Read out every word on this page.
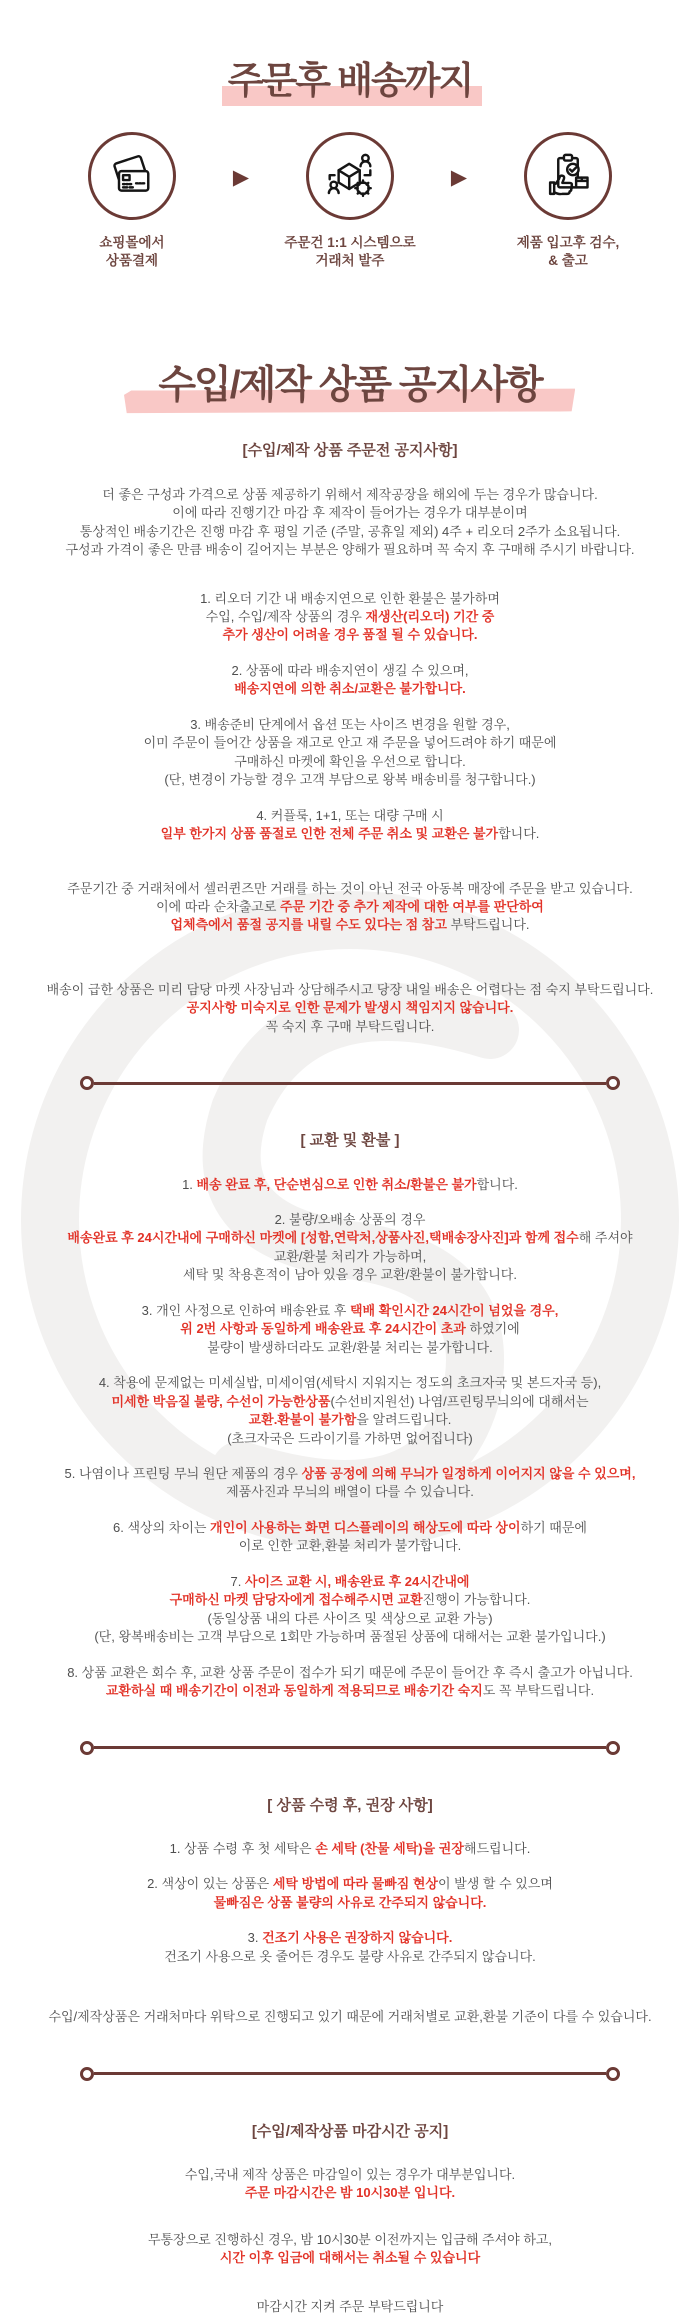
주문후 배송까지
쇼핑몰에서
상품결제
▶
주문건 1:1 시스템으로
거래처 발주
▶
제품 입고후 검수,
& 출고
수입/제작 상품 공지사항
[수입/제작 상품 주문전 공지사항]

더 좋은 구성과 가격으로 상품 제공하기 위해서 제작공장을 해외에 두는 경우가 많습니다.
이에 따라 진행기간 마감 후 제작이 들어가는 경우가 대부분이며
통상적인 배송기간은 진행 마감 후 평일 기준 (주말, 공휴일 제외) 4주 + 리오더 2주가 소요됩니다.
구성과 가격이 좋은 만큼 배송이 길어지는 부분은 양해가 필요하며 꼭 숙지 후 구매해 주시기 바랍니다.

1. 리오더 기간 내 배송지연으로 인한 환불은 불가하며
수입, 수입/제작 상품의 경우 재생산(리오더) 기간 중
추가 생산이 어려울 경우 품절 될 수 있습니다.

2. 상품에 따라 배송지연이 생길 수 있으며,
배송지연에 의한 취소/교환은 불가합니다.

3. 배송준비 단계에서 옵션 또는 사이즈 변경을 원할 경우,
이미 주문이 들어간 상품을 재고로 안고 재 주문을 넣어드려야 하기 때문에
구매하신 마켓에 확인을 우선으로 합니다.
(단, 변경이 가능할 경우 고객 부담으로 왕복 배송비를 청구합니다.)

4. 커플룩, 1+1, 또는 대량 구매 시
일부 한가지 상품 품절로 인한 전체 주문 취소 및 교환은 불가합니다.

주문기간 중 거래처에서 셀러퀸즈만 거래를 하는 것이 아닌 전국 아동복 매장에 주문을 받고 있습니다.
이에 따라 순차출고로 주문 기간 중 추가 제작에 대한 여부를 판단하여
업체측에서 품절 공지를 내릴 수도 있다는 점 참고 부탁드립니다.

배송이 급한 상품은 미리 담당 마켓 사장님과 상담해주시고 당장 내일 배송은 어렵다는 점 숙지 부탁드립니다.
공지사항 미숙지로 인한 문제가 발생시 책임지지 않습니다.
꼭 숙지 후 구매 부탁드립니다.

[ 교환 및 환불 ]

1. 배송 완료 후, 단순변심으로 인한 취소/환불은 불가합니다.

2. 불량/오배송 상품의 경우
배송완료 후 24시간내에 구매하신 마켓에 [성함,연락처,상품사진,택배송장사진]과 함께 접수해 주셔야
교환/환불 처리가 가능하며,
세탁 및 착용흔적이 남아 있을 경우 교환/환불이 불가합니다.

3. 개인 사정으로 인하여 배송완료 후 택배 확인시간 24시간이 넘었을 경우,
위 2번 사항과 동일하게 배송완료 후 24시간이 초과 하였기에
불량이 발생하더라도 교환/환불 처리는 불가합니다.

4. 착용에 문제없는 미세실밥, 미세이염(세탁시 지워지는 정도의 초크자국 및 본드자국 등),
미세한 박음질 불량, 수선이 가능한상품(수선비지원선) 나염/프린팅무늬의에 대해서는
교환.환불이 불가함을 알려드립니다.
(초크자국은 드라이기를 가하면 없어집니다)

5. 나염이나 프린팅 무늬 원단 제품의 경우 상품 공정에 의해 무늬가 일정하게 이어지지 않을 수 있으며,
제품사진과 무늬의 배열이 다를 수 있습니다.

6. 색상의 차이는 개인이 사용하는 화면 디스플레이의 해상도에 따라 상이하기 때문에
이로 인한 교환,환불 처리가 불가합니다.

7. 사이즈 교환 시, 배송완료 후 24시간내에
구매하신 마켓 담당자에게 접수해주시면 교환진행이 가능합니다.
(동일상품 내의 다른 사이즈 및 색상으로 교환 가능)
(단, 왕복배송비는 고객 부담으로 1회만 가능하며 품절된 상품에 대해서는 교환 불가입니다.)

8. 상품 교환은 회수 후, 교환 상품 주문이 접수가 되기 때문에 주문이 들어간 후 즉시 출고가 아닙니다.
교환하실 때 배송기간이 이전과 동일하게 적용되므로 배송기간 숙지도 꼭 부탁드립니다.

[ 상품 수령 후, 권장 사항]

1. 상품 수령 후 첫 세탁은 손 세탁 (찬물 세탁)을 권장해드립니다.

2. 색상이 있는 상품은 세탁 방법에 따라 물빠짐 현상이 발생 할 수 있으며
물빠짐은 상품 불량의 사유로 간주되지 않습니다.

3. 건조기 사용은 권장하지 않습니다.
건조기 사용으로 옷 줄어든 경우도 불량 사유로 간주되지 않습니다.

수입/제작상품은 거래처마다 위탁으로 진행되고 있기 때문에 거래처별로 교환,환불 기준이 다를 수 있습니다.

[수입/제작상품 마감시간 공지]

수입,국내 제작 상품은 마감일이 있는 경우가 대부분입니다.
주문 마감시간은 밤 10시30분 입니다.

무통장으로 진행하신 경우, 밤 10시30분 이전까지는 입금해 주셔야 하고,
시간 이후 입금에 대해서는 취소될 수 있습니다

마감시간 지켜 주문 부탁드립니다
